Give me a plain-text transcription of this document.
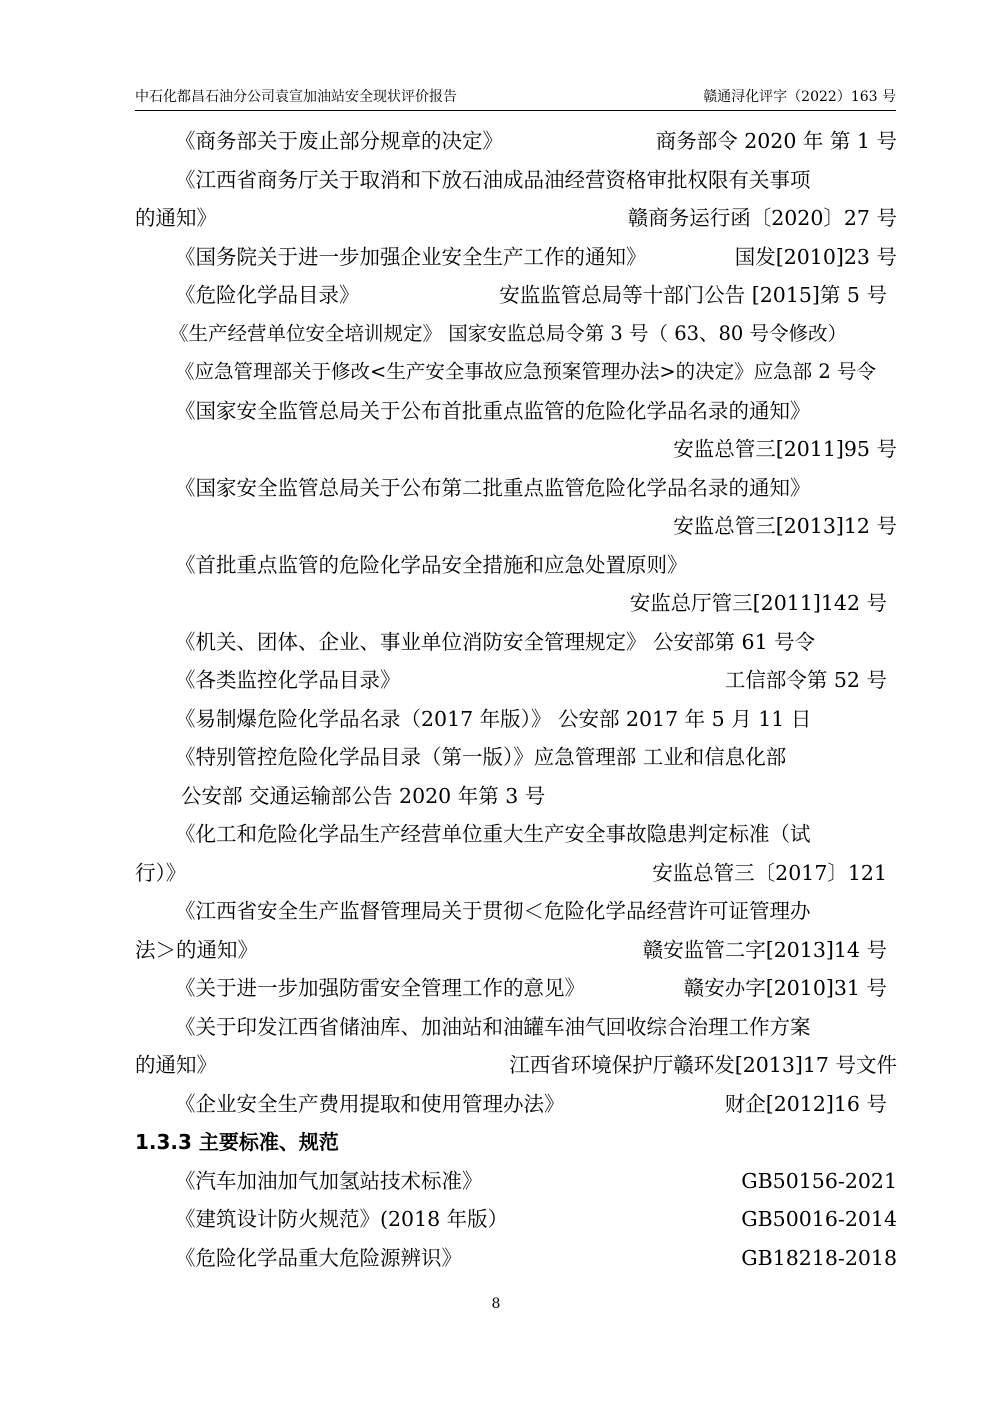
中石化都昌石油分公司袁宣加油站安全现状评价报告	赣通浔化评字（2022）163 号
《商务部关于废止部分规章的决定》	商务部令 2020 年 第 1 号
《江西省商务厅关于取消和下放石油成品油经营资格审批权限有关事项
的通知》	赣商务运行函〔2020〕27 号
《国务院关于进一步加强企业安全生产工作的通知》	国发[2010]23 号
《危险化学品目录》	安监监管总局等十部门公告 [2015]第 5 号
《生产经营单位安全培训规定》 国家安监总局令第 3 号（ 63、80 号令修改）
《应急管理部关于修改<生产安全事故应急预案管理办法>的决定》应急部 2 号令
《国家安全监管总局关于公布首批重点监管的危险化学品名录的通知》
安监总管三[2011]95 号
《国家安全监管总局关于公布第二批重点监管危险化学品名录的通知》
安监总管三[2013]12 号
《首批重点监管的危险化学品安全措施和应急处置原则》
安监总厅管三[2011]142 号
《机关、团体、企业、事业单位消防安全管理规定》 公安部第 61 号令
《各类监控化学品目录》	工信部令第 52 号
《易制爆危险化学品名录（2017 年版）》 公安部 2017 年 5 月 11 日
《特别管控危险化学品目录（第一版）》应急管理部 工业和信息化部
公安部 交通运输部公告 2020 年第 3 号
《化工和危险化学品生产经营单位重大生产安全事故隐患判定标准（试
行）》	安监总管三〔2017〕121
《江西省安全生产监督管理局关于贯彻＜危险化学品经营许可证管理办
法＞的通知》	赣安监管二字[2013]14 号
《关于进一步加强防雷安全管理工作的意见》	赣安办字[2010]31 号
《关于印发江西省储油库、加油站和油罐车油气回收综合治理工作方案
的通知》	江西省环境保护厅赣环发[2013]17 号文件
《企业安全生产费用提取和使用管理办法》	财企[2012]16 号
1.3.3 主要标准、规范
《汽车加油加气加氢站技术标准》	GB50156-2021
《建筑设计防火规范》(2018 年版）	GB50016-2014
《危险化学品重大危险源辨识》	GB18218-2018
8
